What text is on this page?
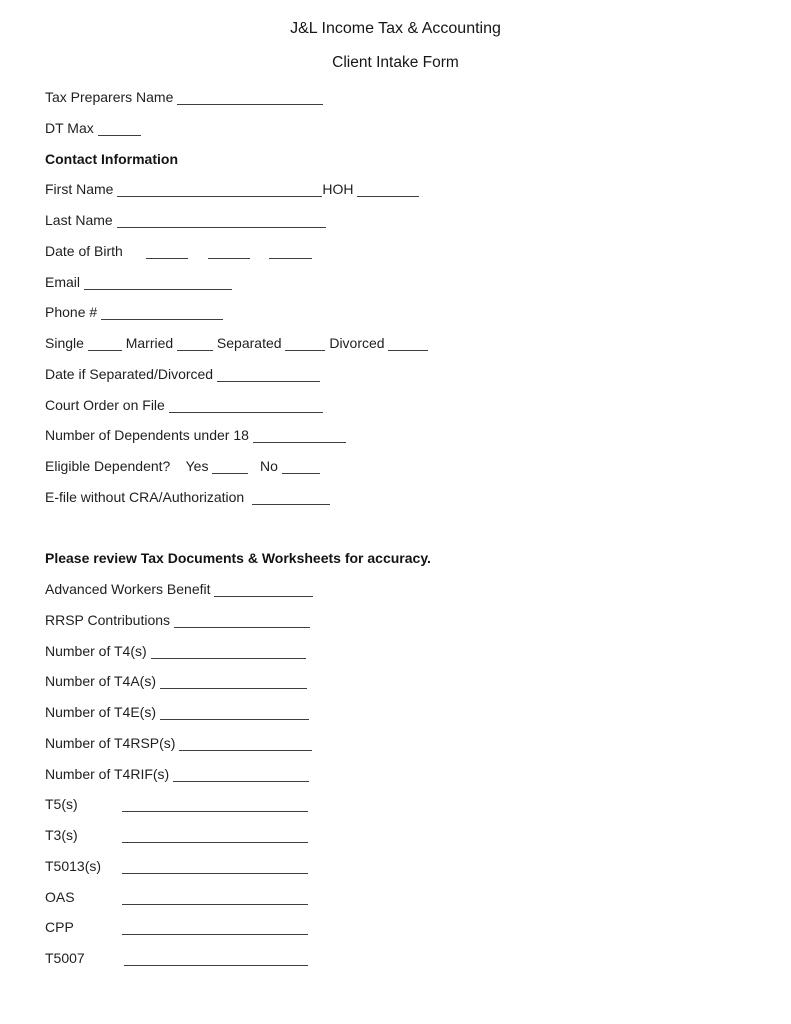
J&L Income Tax & Accounting
Client Intake Form
Tax Preparers Name
DT Max
Contact Information
First Name	HOH
Last Name
Date of Birth
Email
Phone #
Single  Married	Separated	Divorced
Date if Separated/Divorced
Court Order on File
Number of Dependents under 18
Eligible Dependent?    Yes	No
E-file without CRA/Authorization
Please review Tax Documents & Worksheets for accuracy.
Advanced Workers Benefit
RRSP Contributions
Number of T4(s)
Number of T4A(s)
Number of T4E(s)
Number of T4RSP(s)
Number of T4RIF(s)
T5(s)
T3(s)
T5013(s)
OAS
CPP
T5007
